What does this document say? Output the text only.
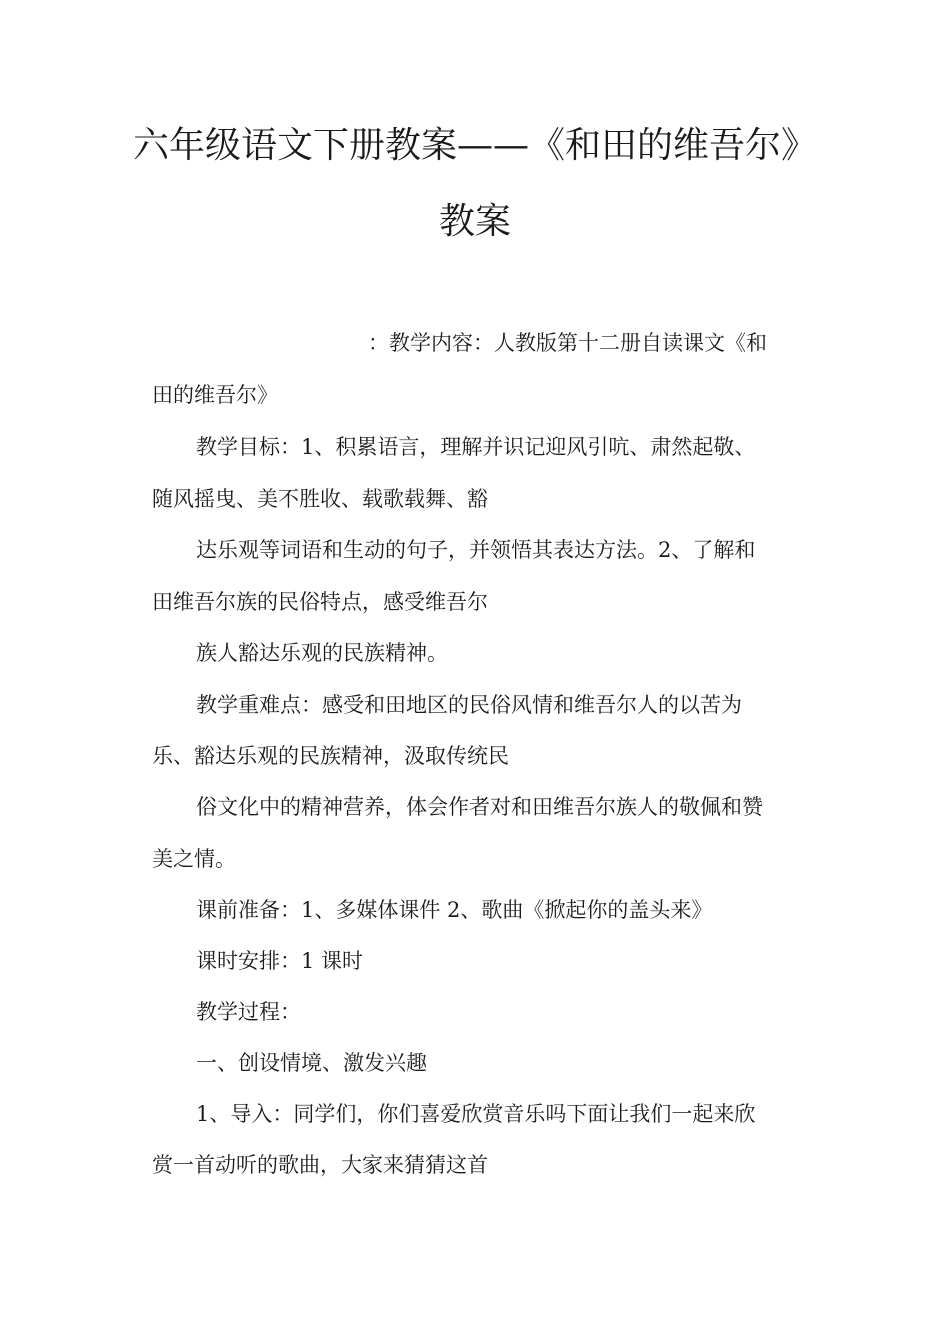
六年级语文下册教案——《和田的维吾尔》
教案
：教学内容：人教版第十二册自读课文《和
田的维吾尔》
教学目标：1、积累语言，理解并识记迎风引吭、肃然起敬、
随风摇曳、美不胜收、载歌载舞、豁
达乐观等词语和生动的句子，并领悟其表达方法。2、了解和
田维吾尔族的民俗特点，感受维吾尔
族人豁达乐观的民族精神。
教学重难点：感受和田地区的民俗风情和维吾尔人的以苦为
乐、豁达乐观的民族精神，汲取传统民
俗文化中的精神营养，体会作者对和田维吾尔族人的敬佩和赞
美之情。
课前准备：1、多媒体课件 2、歌曲《掀起你的盖头来》
课时安排：1 课时
教学过程：
一、创设情境、激发兴趣
1、导入：同学们，你们喜爱欣赏音乐吗下面让我们一起来欣
赏一首动听的歌曲，大家来猜猜这首
